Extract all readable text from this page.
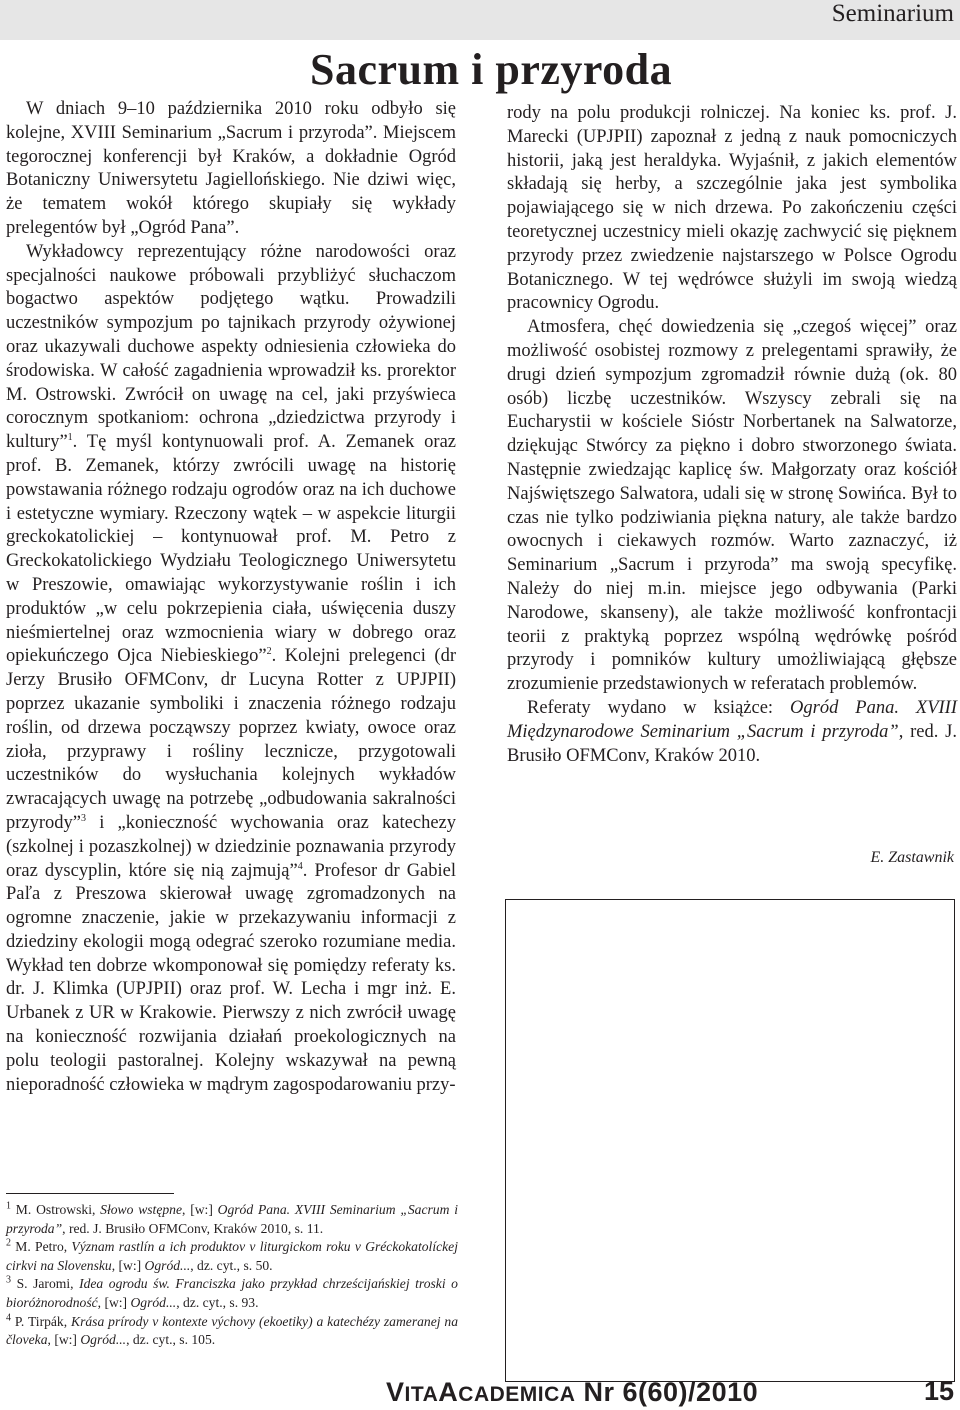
Seminarium
Sacrum i przyroda

W dniach 9–10 października 2010 roku odbyło się kolejne, XVIII Seminarium „Sacrum i przyroda”. Miejscem tegorocznej konferencji był Kraków, a dokładnie Ogród Botaniczny Uniwersytetu Jagiellońskiego. Nie dziwi więc, że tematem wokół którego skupiały się wykłady prelegentów był „Ogród Pana”.

Wykładowcy reprezentujący różne narodowości oraz specjalności naukowe próbowali przybliżyć słuchaczom bogactwo aspektów podjętego wątku. Prowadzili uczestników sympozjum po tajnikach przyrody ożywionej oraz ukazywali duchowe aspekty odniesienia człowieka do środowiska. W całość zagadnienia wprowadził ks. prorektor M. Ostrowski. Zwrócił on uwagę na cel, jaki przyświeca corocznym spotkaniom: ochrona „dziedzictwa przyrody i kultury”$^1$. Tę myśl kontynuowali prof. A. Zemanek oraz prof. B. Zemanek, którzy zwrócili uwagę na historię powstawania różnego rodzaju ogrodów oraz na ich duchowe i estetyczne wymiary. Rzeczony wątek – w aspekcie liturgii greckokatolickiej – kontynuował prof. M. Petro z Greckokatolickiego Wydziału Teologicznego Uniwersytetu w Preszowie, omawiając wykorzystywanie roślin i ich produktów „w celu pokrzepienia ciała, uświęcenia duszy nieśmiertelnej oraz wzmocnienia wiary w dobrego oraz opiekuńczego Ojca Niebieskiego”$^2$. Kolejni prelegenci (dr Jerzy Brusiło OFMConv, dr Lucyna Rotter z UPJPII) poprzez ukazanie symboliki i znaczenia różnego rodzaju roślin, od drzewa począwszy poprzez kwiaty, owoce oraz zioła, przyprawy i rośliny lecznicze, przygotowali uczestników do wysłuchania kolejnych wykładów zwracających uwagę na potrzebę „odbudowania sakralności przyrody”$^3$ i „konieczność wychowania oraz katechezy (szkolnej i pozaszkolnej) w dziedzinie poznawania przyrody oraz dyscyplin, które się nią zajmują”$^4$. Profesor dr Gabiel Paľa z Preszowa skierował uwagę zgromadzonych na ogromne znaczenie, jakie w przekazywaniu informacji z dziedziny ekologii mogą odegrać szeroko rozumiane media. Wykład ten dobrze wkomponował się pomiędzy referaty ks. dr. J. Klimka (UPJPII) oraz prof. W. Lecha i mgr inż. E. Urbanek z UR w Krakowie. Pierwszy z nich zwrócił uwagę na konieczność rozwijania działań proekologicznych na polu teologii pastoralnej. Kolejny wskazywał na pewną nieporadność człowieka w mądrym zagospodarowaniu przy-

rody na polu produkcji rolniczej. Na koniec ks. prof. J. Marecki (UPJPII) zapoznał z jedną z nauk pomocniczych historii, jaką jest heraldyka. Wyjaśnił, z jakich elementów składają się herby, a szczególnie jaka jest symbolika pojawiającego się w nich drzewa. Po zakończeniu części teoretycznej uczestnicy mieli okazję zachwycić się pięknem przyrody przez zwiedzenie najstarszego w Polsce Ogrodu Botanicznego. W tej wędrówce służyli im swoją wiedzą pracownicy Ogrodu.

Atmosfera, chęć dowiedzenia się „czegoś więcej” oraz możliwość osobistej rozmowy z prelegentami sprawiły, że drugi dzień sympozjum zgromadził równie dużą (ok. 80 osób) liczbę uczestników. Wszyscy zebrali się na Eucharystii w kościele Sióstr Norbertanek na Salwatorze, dziękując Stwórcy za piękno i dobro stworzonego świata. Następnie zwiedzając kaplicę św. Małgorzaty oraz kościół Najświętszego Salwatora, udali się w stronę Sowińca. Był to czas nie tylko podziwiania piękna natury, ale także bardzo owocnych i ciekawych rozmów. Warto zaznaczyć, iż Seminarium „Sacrum i przyroda” ma swoją specyfikę. Należy do niej m.in. miejsce jego odbywania (Parki Narodowe, skanseny), ale także możliwość konfrontacji teorii z praktyką poprzez wspólną wędrówkę pośród przyrody i pomników kultury umożliwiającą głębsze zrozumienie przedstawionych w referatach problemów.

Referaty wydano w książce: Ogród Pana. XVIII Międzynarodowe Seminarium „Sacrum i przyroda”, red. J. Brusiło OFMConv, Kraków 2010.

E. Zastawnik

$^1$ M. Ostrowski, Słowo wstępne, [w:] Ogród Pana. XVIII Seminarium „Sacrum i przyroda”, red. J. Brusiło OFMConv, Kraków 2010, s. 11.

$^2$ M. Petro, Význam rastlín a ich produktov v liturgickom roku v Gréckokatolíckej cirkvi na Slovensku, [w:] Ogród..., dz. cyt., s. 50.

$^3$ S. Jaromi, Idea ogrodu św. Franciszka jako przykład chrześcijańskiej troski o bioróżnorodność, [w:] Ogród..., dz. cyt., s. 93.

$^4$ P. Tirpák, Krása prírody v kontexte výchovy (ekoetiky) a katechézy zameranej na človeka, [w:] Ogród..., dz. cyt., s. 105.

VITAACADEMICA Nr 6(60)/2010	15
